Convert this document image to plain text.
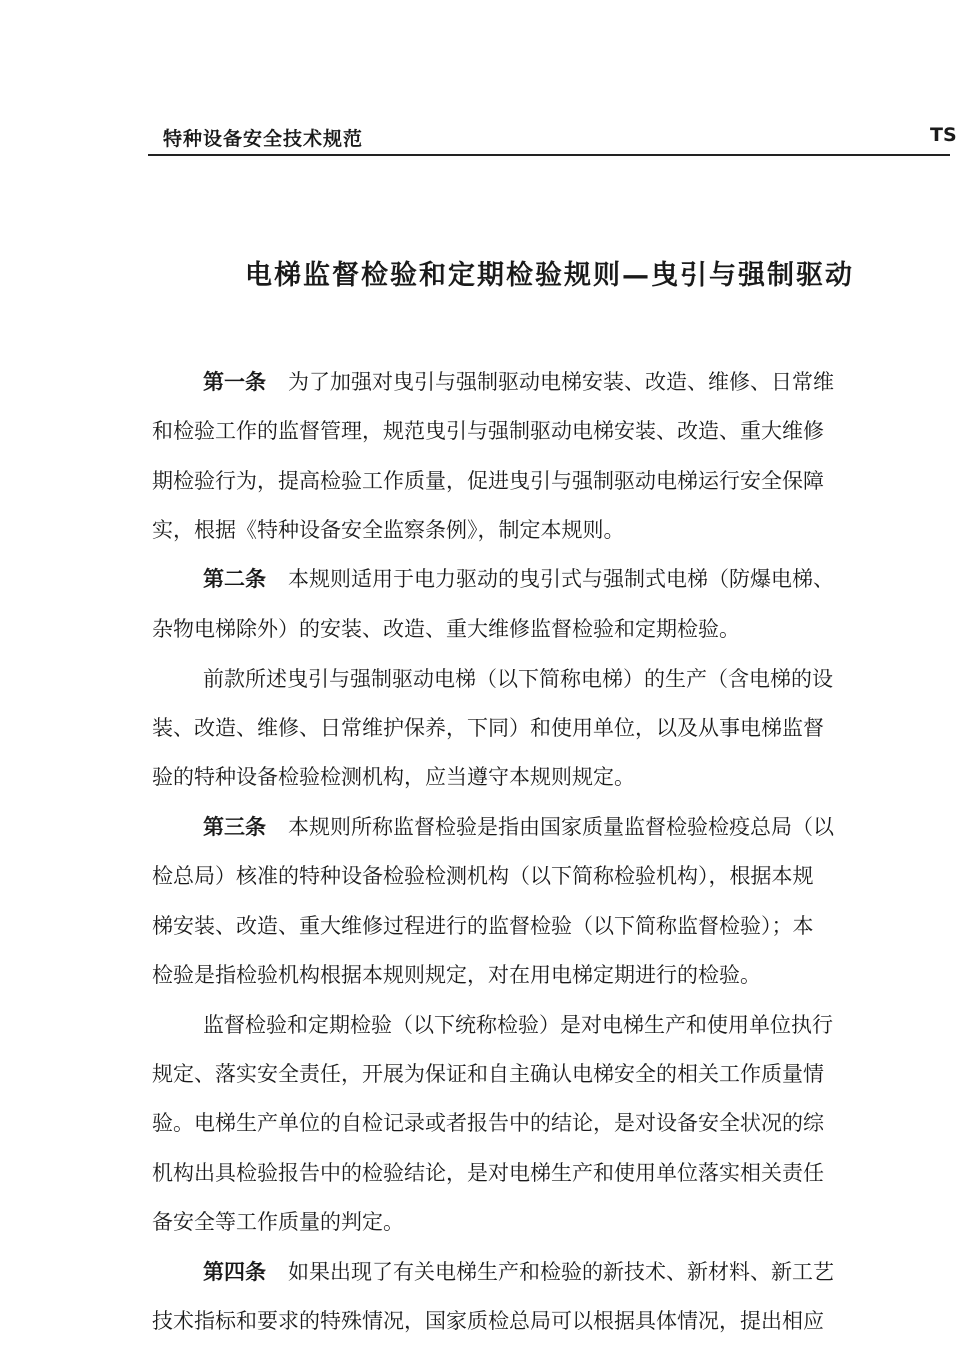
特种设备安全技术规范	TS
电梯监督检验和定期检验规则—曳引与强制驱动
第一条 为了加强对曳引与强制驱动电梯安装、改造、维修、日常维
和检验工作的监督管理，规范曳引与强制驱动电梯安装、改造、重大维修
期检验行为，提高检验工作质量，促进曳引与强制驱动电梯运行安全保障
实，根据《特种设备安全监察条例》，制定本规则。
第二条 本规则适用于电力驱动的曳引式与强制式电梯（防爆电梯、
杂物电梯除外）的安装、改造、重大维修监督检验和定期检验。
前款所述曳引与强制驱动电梯（以下简称电梯）的生产（含电梯的设
装、改造、维修、日常维护保养，下同）和使用单位，以及从事电梯监督
验的特种设备检验检测机构，应当遵守本规则规定。
第三条 本规则所称监督检验是指由国家质量监督检验检疫总局（以
检总局）核准的特种设备检验检测机构（以下简称检验机构），根据本规
梯安装、改造、重大维修过程进行的监督检验（以下简称监督检验）；本
检验是指检验机构根据本规则规定，对在用电梯定期进行的检验。
监督检验和定期检验（以下统称检验）是对电梯生产和使用单位执行
规定、落实安全责任，开展为保证和自主确认电梯安全的相关工作质量情
验。电梯生产单位的自检记录或者报告中的结论，是对设备安全状况的综
机构出具检验报告中的检验结论，是对电梯生产和使用单位落实相关责任
备安全等工作质量的判定。
第四条 如果出现了有关电梯生产和检验的新技术、新材料、新工艺
技术指标和要求的特殊情况，国家质检总局可以根据具体情况，提出相应
